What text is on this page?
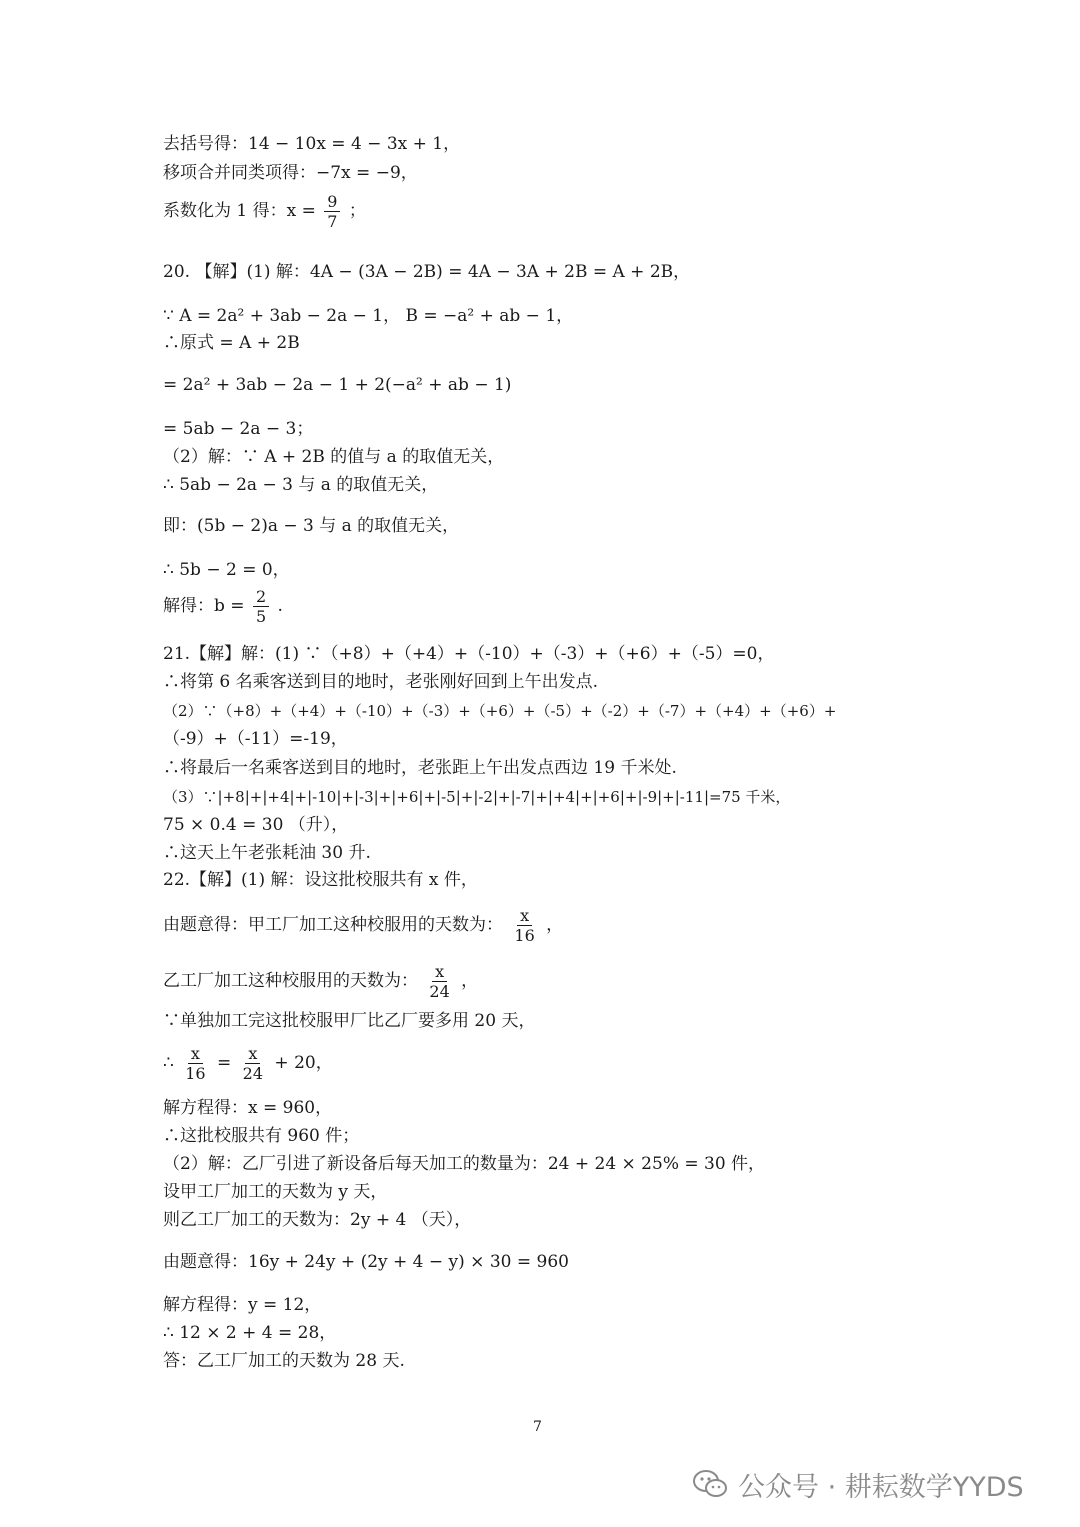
去括号得：14 − 10x = 4 − 3x + 1，
移项合并同类项得：−7x = −9，
系数化为 1 得：$x = \frac{9}{7}$ ；
20. 【解】(1) 解：4A − (3A − 2B) = 4A − 3A + 2B = A + 2B，
∵ A = 2a² + 3ab − 2a − 1， B = −a² + ab − 1，
∴原式 = A + 2B
= 2a² + 3ab − 2a − 1 + 2(−a² + ab − 1)
= 5ab − 2a − 3；
（2）解：∵ A + 2B 的值与 a 的取值无关，
∴ 5ab − 2a − 3 与 a 的取值无关，
即：(5b − 2)a − 3 与 a 的取值无关，
∴ 5b − 2 = 0，
解得：$b = \frac{2}{5}$ .
21.【解】解：(1) ∵（+8）+（+4）+（-10）+（-3）+（+6）+（-5）=0，
∴将第 6 名乘客送到目的地时，老张刚好回到上午出发点.
（2）∵（+8）+（+4）+（-10）+（-3）+（+6）+（-5）+（-2）+（-7）+（+4）+（+6）+
（-9）+（-11）=-19，
∴将最后一名乘客送到目的地时，老张距上午出发点西边 19 千米处.
（3）∵|+8|+|+4|+|-10|+|-3|+|+6|+|-5|+|-2|+|-7|+|+4|+|+6|+|-9|+|-11|=75 千米，
75 × 0.4 = 30 （升），
∴这天上午老张耗油 30 升.
22.【解】(1) 解：设这批校服共有 x 件，
由题意得：甲工厂加工这种校服用的天数为： $\frac{x}{16}$ ，
乙工厂加工这种校服用的天数为： $\frac{x}{24}$ ，
∵单独加工完这批校服甲厂比乙厂要多用 20 天，
∴ $\frac{x}{16} = \frac{x}{24} + 20$，
解方程得：x = 960，
∴这批校服共有 960 件；
（2）解：乙厂引进了新设备后每天加工的数量为：24 + 24 × 25% = 30 件，
设甲工厂加工的天数为 y 天，
则乙工厂加工的天数为：2y + 4 （天），
由题意得：16y + 24y + (2y + 4 − y) × 30 = 960
解方程得：y = 12，
∴ 12 × 2 + 4 = 28，
答：乙工厂加工的天数为 28 天.
7
公众号 · 耕耘数学YYDS
